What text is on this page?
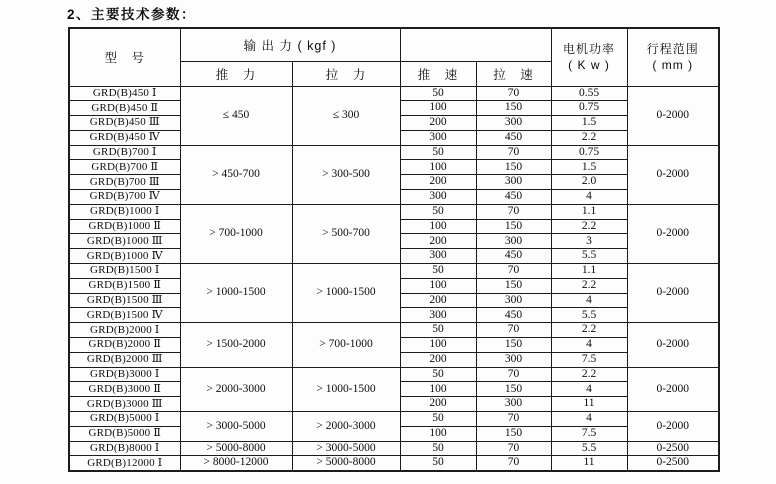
2、主要技术参数：
型　号	输 出 力 ( kgf )				电机功率
( K w )	行程范围
( mm )

	推　力	拉　力	推　速	拉　速		
GRD(B)450 Ⅰ	≤ 450	≤ 300	50	70	0.55	0-2000
GRD(B)450 Ⅱ			100	150	0.75	
GRD(B)450 Ⅲ			200	300	1.5	
GRD(B)450 Ⅳ			300	450	2.2	
GRD(B)700 Ⅰ	> 450-700	> 300-500	50	70	0.75	0-2000
GRD(B)700 Ⅱ			100	150	1.5	
GRD(B)700 Ⅲ			200	300	2.0	
GRD(B)700 Ⅳ			300	450	4	
GRD(B)1000 Ⅰ	> 700-1000	> 500-700	50	70	1.1	0-2000
GRD(B)1000 Ⅱ			100	150	2.2	
GRD(B)1000 Ⅲ			200	300	3	
GRD(B)1000 Ⅳ			300	450	5.5	
GRD(B)1500 Ⅰ	> 1000-1500	> 1000-1500	50	70	1.1	0-2000
GRD(B)1500 Ⅱ			100	150	2.2	
GRD(B)1500 Ⅲ			200	300	4	
GRD(B)1500 Ⅳ			300	450	5.5	
GRD(B)2000 Ⅰ	> 1500-2000	> 700-1000	50	70	2.2	0-2000
GRD(B)2000 Ⅱ			100	150	4	
GRD(B)2000 Ⅲ			200	300	7.5	
GRD(B)3000 Ⅰ	> 2000-3000	> 1000-1500	50	70	2.2	0-2000
GRD(B)3000 Ⅱ			100	150	4	
GRD(B)3000 Ⅲ			200	300	11	
GRD(B)5000 Ⅰ	> 3000-5000	> 2000-3000	50	70	4	0-2000
GRD(B)5000 Ⅱ			100	150	7.5	
GRD(B)8000 Ⅰ	> 5000-8000	> 3000-5000	50	70	5.5	0-2500
GRD(B)12000 Ⅰ	> 8000-12000	> 5000-8000	50	70	11	0-2500
